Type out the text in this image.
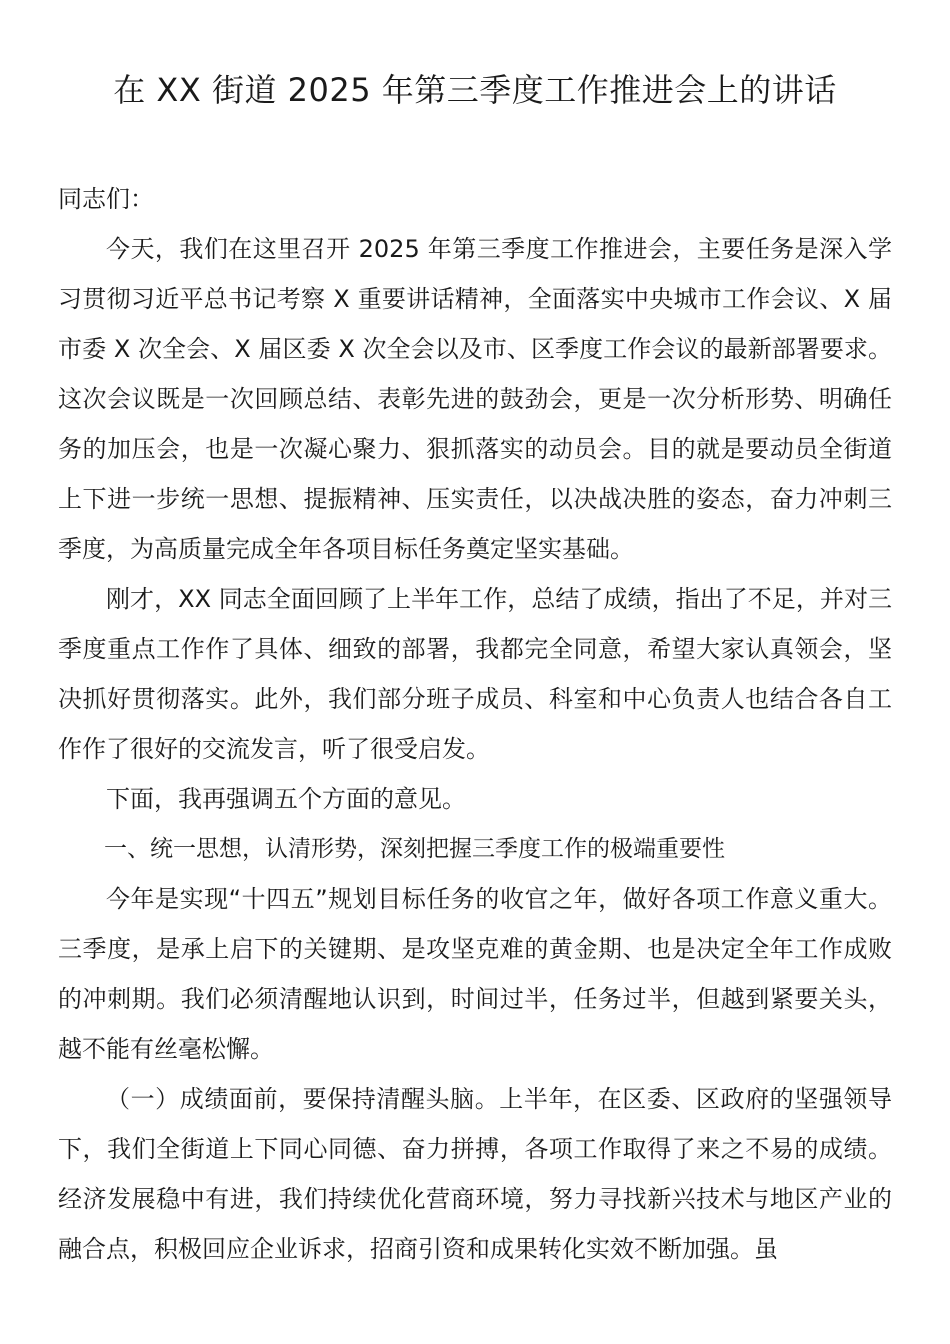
在 XX 街道 2025 年第三季度工作推进会上的讲话

同志们：

今天，我们在这里召开 2025 年第三季度工作推进会，主要任务是深入学习贯彻习近平总书记考察 X 重要讲话精神，全面落实中央城市工作会议、X 届市委 X 次全会、X 届区委 X 次全会以及市、区季度工作会议的最新部署要求。这次会议既是一次回顾总结、表彰先进的鼓劲会，更是一次分析形势、明确任务的加压会，也是一次凝心聚力、狠抓落实的动员会。目的就是要动员全街道上下进一步统一思想、提振精神、压实责任，以决战决胜的姿态，奋力冲刺三季度，为高质量完成全年各项目标任务奠定坚实基础。

刚才，XX 同志全面回顾了上半年工作，总结了成绩，指出了不足，并对三季度重点工作作了具体、细致的部署，我都完全同意，希望大家认真领会，坚决抓好贯彻落实。此外，我们部分班子成员、科室和中心负责人也结合各自工作作了很好的交流发言，听了很受启发。

下面，我再强调五个方面的意见。

一、统一思想，认清形势，深刻把握三季度工作的极端重要性

今年是实现“十四五”规划目标任务的收官之年，做好各项工作意义重大。三季度，是承上启下的关键期、是攻坚克难的黄金期、也是决定全年工作成败的冲刺期。我们必须清醒地认识到，时间过半，任务过半，但越到紧要关头，越不能有丝毫松懈。

（一）成绩面前，要保持清醒头脑。上半年，在区委、区政府的坚强领导下，我们全街道上下同心同德、奋力拼搏，各项工作取得了来之不易的成绩。经济发展稳中有进，我们持续优化营商环境，努力寻找新兴技术与地区产业的融合点，积极回应企业诉求，招商引资和成果转化实效不断加强。虽
